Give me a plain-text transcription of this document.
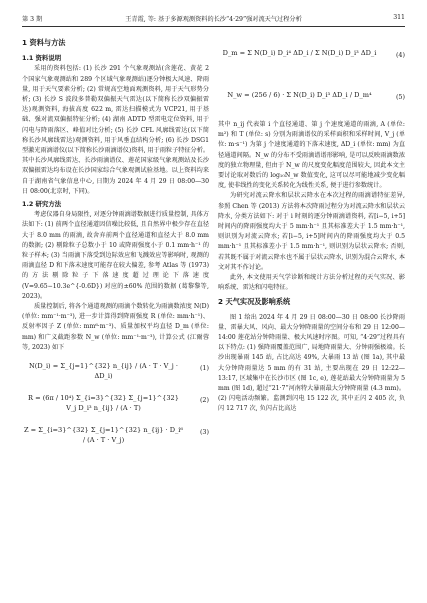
第 3 期	王青霞, 等: 基于多源观测资料的长沙“4·29”强对流天气过程分析	311
1 资料与方法
1.1 资料说明

采用的资料包括: (1) 长沙 291 个气象观测站(含莲花、黄花 2 个国家气象观测站和 289 个区域气象观测站)逐分钟极大风速、降雨量, 用于天气要素分析; (2) 常规高空地面观测资料, 用于天气形势分析; (3) 长沙 S 波段多普勒双偏振天气雷达(以下简称长沙双偏振雷达)观测资料, 海拔高度 622 m, 雷达扫描模式为 VCP21, 用于基础、强对流双偏振特征分析; (4) 湖南 ADTD 型雷电定位资料, 用于闪电与降雨落区、峰值对比分析; (5) 长沙 CFL 风廓线雷达(以下简称长沙风廓线雷达)观测资料, 用于风垂直结构分析; (6) 长沙 DSG1 型激光雨滴谱仪(以下简称长沙雨滴谱仪)资料, 用于雨粒子特征分析。其中长沙风廓线雷达、长沙雨滴谱仪、莲花国家级气象观测站及长沙双偏振雷达均布设在长沙国家综合气象观测试验基地。以上资料均来自于湖南省气象信息中心, 日期为 2024 年 4 月 29 日 08:00—30 日 08:00(北京时, 下同)。

1.2 研究方法

考虑仪器自身局限性, 对逐分钟雨滴谱数据进行质量控制, 具体方法如下: (1) 前两个直径通道因信噪比较低, 且自然界中极少存在直径大于 8.0 mm 的雨滴, 故舍弃前两个直径通道和直径大于 8.0 mm 的数据; (2) 剔除粒子总数小于 10 或降雨强度小于 0.1 mm·h⁻¹ 的粒子样本; (3) 当雨滴下落受到边际效应和飞溅效应等影响时, 观测的雨滴直径 D 和下落末速度可能存在较大偏差, 参考 Atlas 等 (1973) 的方法剔除粒子下落速度超过理论下落速度 (V=9.65−10.3e^{-0.6D}) 对应的±60% 范围的数据 (葛黎黎等, 2023)。

质量控制后, 将各个通道观测的雨滴个数转化为雨滴数浓度 N(D) (单位: mm⁻¹·m⁻³), 进一步计算得到降雨强度 R (单位: mm·h⁻¹)、反射率因子 Z (单位: mm⁶·m⁻³)、质量加权平均直径 D_m (单位: mm) 和广义截距参数 N_w (单位: mm⁻¹·m⁻³), 计算公式 (江爾蓉等, 2023) 如下

N(D_i) = Σ_{j=1}^{32} n_{ij} / (A · T · V_j · ΔD_i)
(1)
R = (6π / 10⁴) Σ_{i=3}^{32} Σ_{j=1}^{32} V_j D_i³ n_{ij} / (A · T)
(2)
Z = Σ_{i=3}^{32} Σ_{j=1}^{32} n_{ij} · D_i⁶ / (A · T · V_j)
(3)
D_m = Σ N(D_i) D_i⁴ ΔD_i / Σ N(D_i) D_i³ ΔD_i	(4)
N_w = (256 / 6) · Σ N(D_i) D_i³ ΔD_i / D_m⁴	(5)

其中 n_ij 代表第 i 个直径通道、第 j 个速度通道的雨滴, A (单位: m²) 和 T (单位: s) 分别为雨滴谱仪的采样面积和采样时间, V_j (单位: m·s⁻¹) 为第 j 个速度通道的下落末速度, ΔD_i (单位: mm) 为直径通道间隔。N_w 的分布不受雨滴谱谱形影响, 是可以反映雨滴数浓度的独立物理量, 但由于 N_w 的尺度变化幅度范围较大, 因此本文主要讨论取对数后的 log₁₀N_w 数值变化, 这可以尽可能地减少变化幅度, 使非线性的变化关系转化为线性关系, 便于进行参数统计。

为研究对流云降水和层状云降水在本次过程的雨滴谱特征差异, 参照 Chen 等 (2013) 方法将本次降雨过程分为对流云降水和层状云降水, 分类方法如下: 对于 i 时刻的逐分钟雨滴谱资料, 若[i−5, i+5]时间内的降雨强度均大于 5 mm·h⁻¹ 且其标准差大于 1.5 mm·h⁻¹, 则识别为对流云降水; 若[i−5, i+5]时间内的降雨强度均大于 0.5 mm·h⁻¹ 且其标准差小于 1.5 mm·h⁻¹, 则识别为层状云降水; 否则, 若其既不属于对流云降水也不属于层状云降水, 识别为混合云降水, 本文对其不作讨论。

此外, 本文使用天气学诊断和统计方法分析过程的天气实况、影响系统、雷达和闪电特征。

2 天气实况及影响系统

图 1 给出 2024 年 4 月 29 日 08:00—30 日 08:00 长沙降雨量、雷暴大风、风向、最大分钟降雨量的空间分布和 29 日 12:00—14:00 莲花站分钟降雨量、极大风速时序图。可知, “4·29”过程具有以下特点: (1) 强降雨覆盖范围广, 局地降雨量大、分钟雨强极端。长沙出现暴雨 145 站, 占比高达 49%, 大暴雨 13 站 (图 1a), 其中最大分钟降雨量达 5 mm 的有 31 站, 主要出现在 29 日 12:22—13:17, 区域集中在长沙市区 (图 1c, e), 莲花站最大分钟降雨量为 5 mm (图 1d), 超过“21·7”河南特大暴雨最大分钟降雨量 (4.3 mm)。(2) 闪电活动频繁。监测到闪电 15 122 次, 其中正闪 2 405 次, 负闪 12 717 次, 负闪占比高达
